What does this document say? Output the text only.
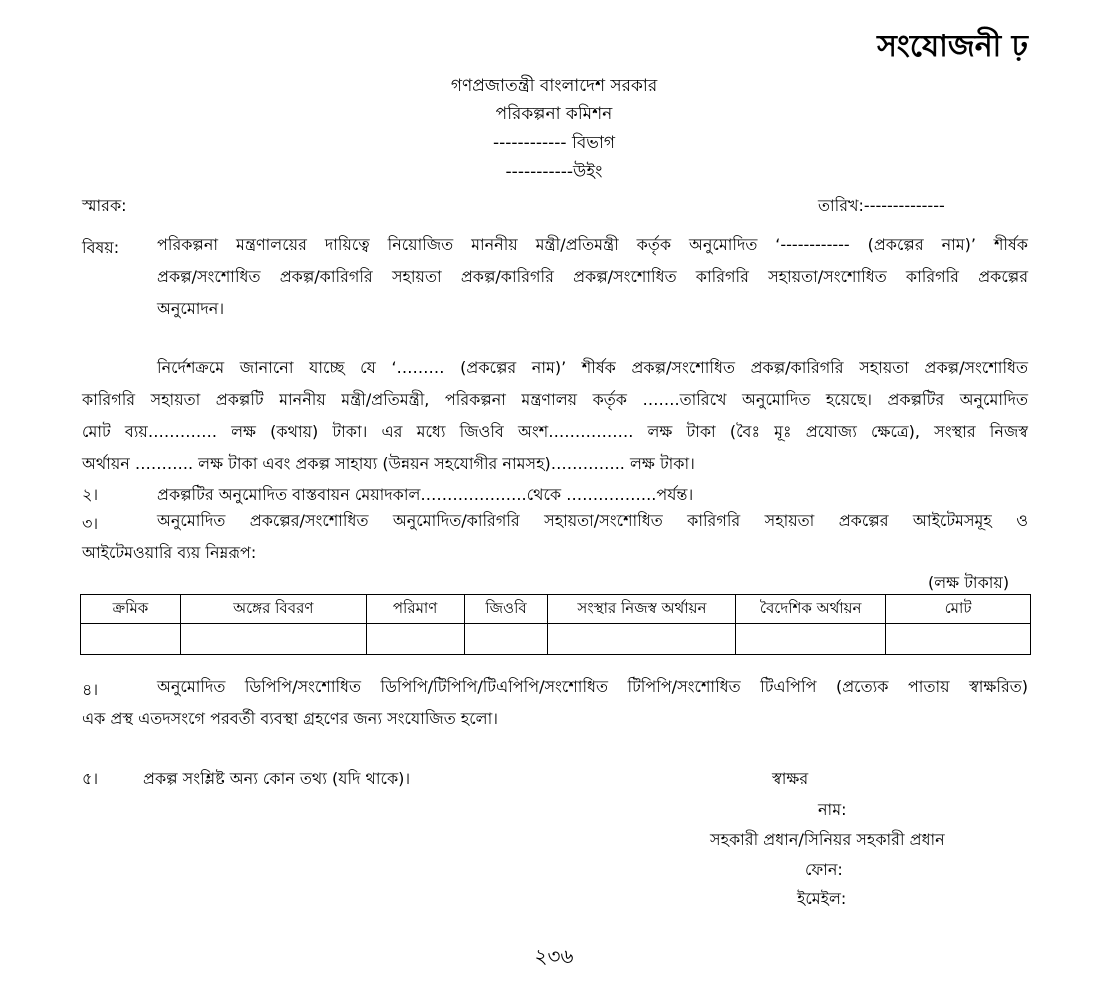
সংযোজনী ঢ়
গণপ্রজাতন্ত্রী বাংলাদেশ সরকার
পরিকল্পনা কমিশন
------------ বিভাগ
-----------উইং
স্মারক:	তারিখ:--------------
বিষয়: পরিকল্পনা মন্ত্রণালয়ের দায়িত্বে নিয়োজিত মাননীয় মন্ত্রী/প্রতিমন্ত্রী কর্তৃক অনুমোদিত ‘------------ (প্রকল্পের নাম)’ শীর্ষক
প্রকল্প/সংশোধিত প্রকল্প/কারিগরি সহায়তা প্রকল্প/কারিগরি প্রকল্প/সংশোধিত কারিগরি সহায়তা/সংশোধিত কারিগরি প্রকল্পের
অনুমোদন।
নির্দেশক্রমে জানানো যাচ্ছে যে ‘……… (প্রকল্পের নাম)’ শীর্ষক প্রকল্প/সংশোধিত প্রকল্প/কারিগরি সহায়তা প্রকল্প/সংশোধিত
কারিগরি সহায়তা প্রকল্পটি মাননীয় মন্ত্রী/প্রতিমন্ত্রী, পরিকল্পনা মন্ত্রণালয় কর্তৃক …….তারিখে অনুমোদিত হয়েছে। প্রকল্পটির অনুমোদিত
মোট ব্যয়…………. লক্ষ (কথায়) টাকা। এর মধ্যে জিওবি অংশ……………. লক্ষ টাকা (বৈঃ মূঃ প্রযোজ্য ক্ষেত্রে), সংস্থার নিজস্ব
অর্থায়ন ……….. লক্ষ টাকা এবং প্রকল্প সাহায্য (উন্নয়ন সহযোগীর নামসহ)………….. লক্ষ টাকা।
২।	প্রকল্পটির অনুমোদিত বাস্তবায়ন মেয়াদকাল………………..থেকে ……………..পর্যন্ত।
৩।	অনুমোদিত প্রকল্পের/সংশোধিত অনুমোদিত/কারিগরি সহায়তা/সংশোধিত কারিগরি সহায়তা প্রকল্পের আইটেমসমূহ ও
আইটেমওয়ারি ব্যয় নিম্নরূপ:
(লক্ষ টাকায়)
ক্রমিক	অঙ্গের বিবরণ	পরিমাণ	জিওবি	সংস্থার নিজস্ব অর্থায়ন	বৈদেশিক অর্থায়ন	মোট

৪।	অনুমোদিত ডিপিপি/সংশোধিত ডিপিপি/টিপিপি/টিএপিপি/সংশোধিত টিপিপি/সংশোধিত টিএপিপি (প্রত্যেক পাতায় স্বাক্ষরিত)
এক প্রস্থ এতদসংগে পরবর্তী ব্যবস্থা গ্রহণের জন্য সংযোজিত হলো।
৫।	প্রকল্প সংশ্লিষ্ট অন্য কোন তথ্য (যদি থাকে)।	স্বাক্ষর
নাম:
সহকারী প্রধান/সিনিয়র সহকারী প্রধান
ফোন:
ইমেইল:
২৩৬
